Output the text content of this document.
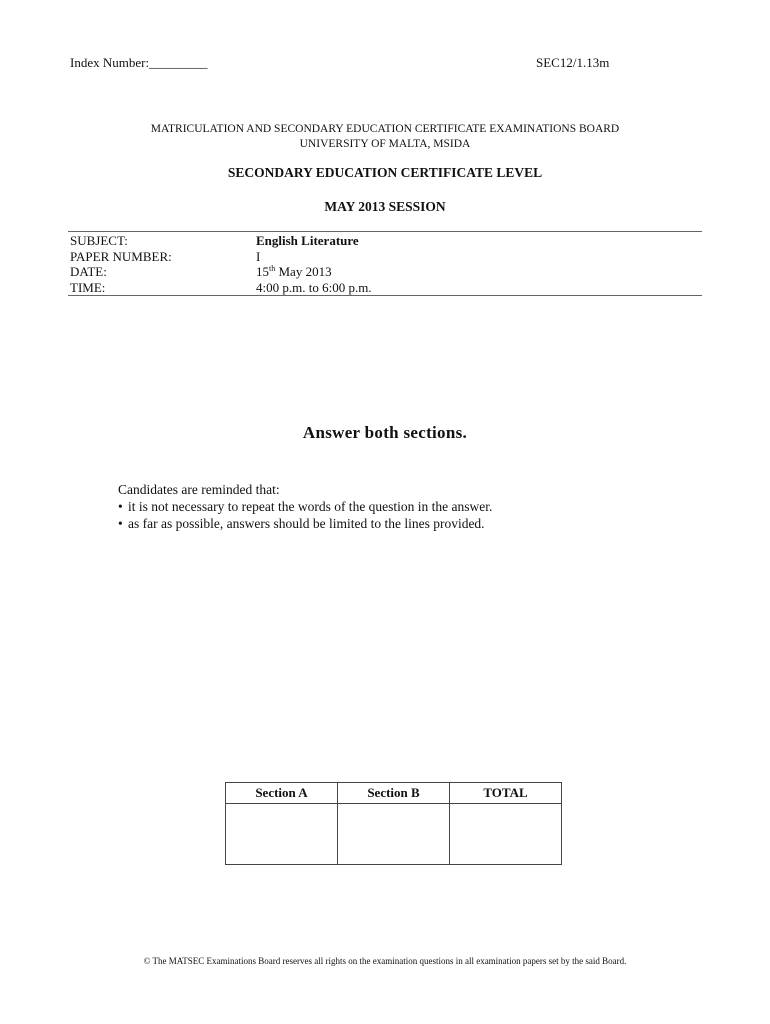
Index Number:_________	SEC12/1.13m
MATRICULATION AND SECONDARY EDUCATION CERTIFICATE EXAMINATIONS BOARD
UNIVERSITY OF MALTA, MSIDA
SECONDARY EDUCATION CERTIFICATE LEVEL
MAY 2013 SESSION
SUBJECT:	English Literature
PAPER NUMBER:	I
DATE:	15th May 2013
TIME:	4:00 p.m. to 6:00 p.m.
Answer both sections.
Candidates are reminded that:
• it is not necessary to repeat the words of the question in the answer.
• as far as possible, answers should be limited to the lines provided.
Section A	Section B	TOTAL

© The MATSEC Examinations Board reserves all rights on the examination questions in all examination papers set by the said Board.
